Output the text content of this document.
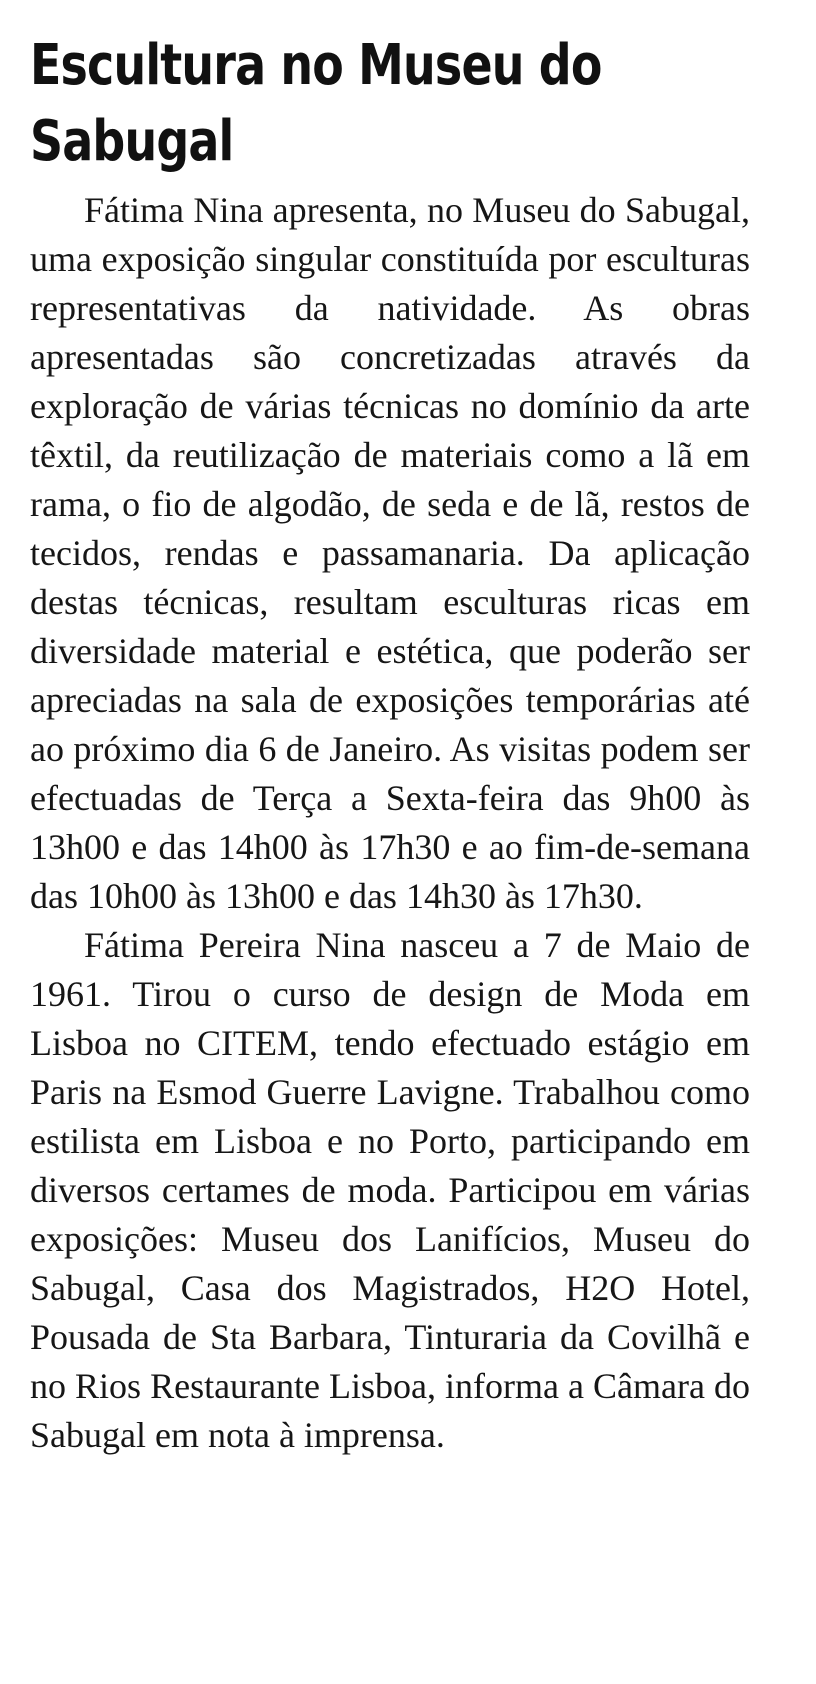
Escultura no Museu do Sabugal

Fátima Nina apresenta, no Museu do Sabugal, uma exposição singular constituída por esculturas representativas da natividade. As obras apresentadas são concretizadas através da exploração de várias técnicas no domínio da arte têxtil, da reutilização de materiais como a lã em rama, o fio de algodão, de seda e de lã, restos de tecidos, rendas e passamanaria. Da aplicação destas técnicas, resultam esculturas ricas em diversidade material e estética, que poderão ser apreciadas na sala de exposições temporárias até ao próximo dia 6 de Janeiro. As visitas podem ser efectuadas de Terça a Sexta-feira das 9h00 às 13h00 e das 14h00 às 17h30 e ao fim-de-semana das 10h00 às 13h00 e das 14h30 às 17h30.

Fátima Pereira Nina nasceu a 7 de Maio de 1961. Tirou o curso de design de Moda em Lisboa no CITEM, tendo efectuado estágio em Paris na Esmod Guerre Lavigne. Trabalhou como estilista em Lisboa e no Porto, participando em diversos certames de moda. Participou em várias exposições: Museu dos Lanifícios, Museu do Sabugal, Casa dos Magistrados, H2O Hotel, Pousada de Sta Barbara, Tinturaria da Covilhã e no Rios Restaurante Lisboa, informa a Câmara do Sabugal em nota à imprensa.
